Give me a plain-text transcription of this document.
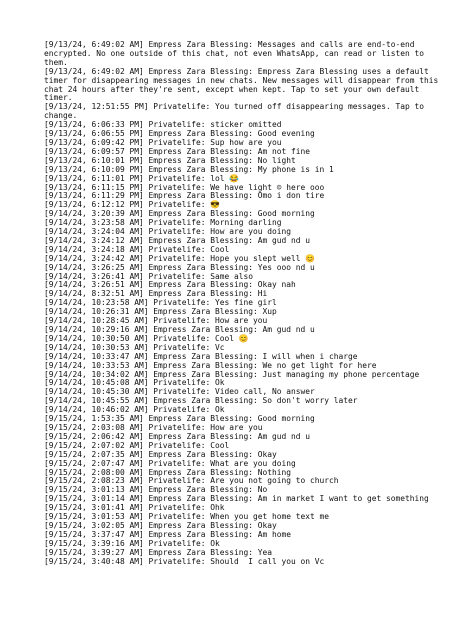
[9/13/24, 6:49:02 AM] Empress Zara Blessing: Messages and calls are end-to-end encrypted. No one outside of this chat, not even WhatsApp, can read or listen to them.
[9/13/24, 6:49:02 AM] Empress Zara Blessing: Empress Zara Blessing uses a default timer for disappearing messages in new chats. New messages will disappear from this chat 24 hours after they're sent, except when kept. Tap to set your own default timer.
[9/13/24, 12:51:55 PM] Privatelife: You turned off disappearing messages. Tap to change.
[9/13/24, 6:06:33 PM] Privatelife: sticker omitted
[9/13/24, 6:06:55 PM] Empress Zara Blessing: Good evening
[9/13/24, 6:09:42 PM] Privatelife: Sup how are you
[9/13/24, 6:09:57 PM] Empress Zara Blessing: Am not fine
[9/13/24, 6:10:01 PM] Empress Zara Blessing: No light
[9/13/24, 6:10:09 PM] Empress Zara Blessing: My phone is in 1
[9/13/24, 6:11:01 PM] Privatelife: lol 😂
[9/13/24, 6:11:15 PM] Privatelife: We have light ☺ here ooo
[9/13/24, 6:11:29 PM] Empress Zara Blessing: Omo i don tire
[9/13/24, 6:12:12 PM] Privatelife: 😎
[9/14/24, 3:20:39 AM] Empress Zara Blessing: Good morning
[9/14/24, 3:23:58 AM] Privatelife: Morning darling
[9/14/24, 3:24:04 AM] Privatelife: How are you doing
[9/14/24, 3:24:12 AM] Empress Zara Blessing: Am gud nd u
[9/14/24, 3:24:18 AM] Privatelife: Cool
[9/14/24, 3:24:42 AM] Privatelife: Hope you slept well 😊
[9/14/24, 3:26:25 AM] Empress Zara Blessing: Yes ooo nd u
[9/14/24, 3:26:41 AM] Privatelife: Same also
[9/14/24, 3:26:51 AM] Empress Zara Blessing: Okay nah
[9/14/24, 8:32:51 AM] Empress Zara Blessing: Hi
[9/14/24, 10:23:58 AM] Privatelife: Yes fine girl
[9/14/24, 10:26:31 AM] Empress Zara Blessing: Xup
[9/14/24, 10:28:45 AM] Privatelife: How are you
[9/14/24, 10:29:16 AM] Empress Zara Blessing: Am gud nd u
[9/14/24, 10:30:50 AM] Privatelife: Cool 😊
[9/14/24, 10:30:53 AM] Privatelife: Vc
[9/14/24, 10:33:47 AM] Empress Zara Blessing: I will when i charge
[9/14/24, 10:33:53 AM] Empress Zara Blessing: We no get light for here
[9/14/24, 10:34:02 AM] Empress Zara Blessing: Just managing my phone percentage
[9/14/24, 10:45:08 AM] Privatelife: Ok
[9/14/24, 10:45:30 AM] Privatelife: Video call, No answer
[9/14/24, 10:45:55 AM] Empress Zara Blessing: So don't worry later
[9/14/24, 10:46:02 AM] Privatelife: Ok
[9/15/24, 1:53:35 AM] Empress Zara Blessing: Good morning
[9/15/24, 2:03:08 AM] Privatelife: How are you
[9/15/24, 2:06:42 AM] Empress Zara Blessing: Am gud nd u
[9/15/24, 2:07:02 AM] Privatelife: Cool
[9/15/24, 2:07:35 AM] Empress Zara Blessing: Okay
[9/15/24, 2:07:47 AM] Privatelife: What are you doing
[9/15/24, 2:08:00 AM] Empress Zara Blessing: Nothing
[9/15/24, 2:08:23 AM] Privatelife: Are you not going to church
[9/15/24, 3:01:13 AM] Empress Zara Blessing: No
[9/15/24, 3:01:14 AM] Empress Zara Blessing: Am in market I want to get something
[9/15/24, 3:01:41 AM] Privatelife: Ohk
[9/15/24, 3:01:53 AM] Privatelife: When you get home text me
[9/15/24, 3:02:05 AM] Empress Zara Blessing: Okay
[9/15/24, 3:37:47 AM] Empress Zara Blessing: Am home
[9/15/24, 3:39:16 AM] Privatelife: Ok
[9/15/24, 3:39:27 AM] Empress Zara Blessing: Yea
[9/15/24, 3:40:48 AM] Privatelife: Should  I call you on Vc
